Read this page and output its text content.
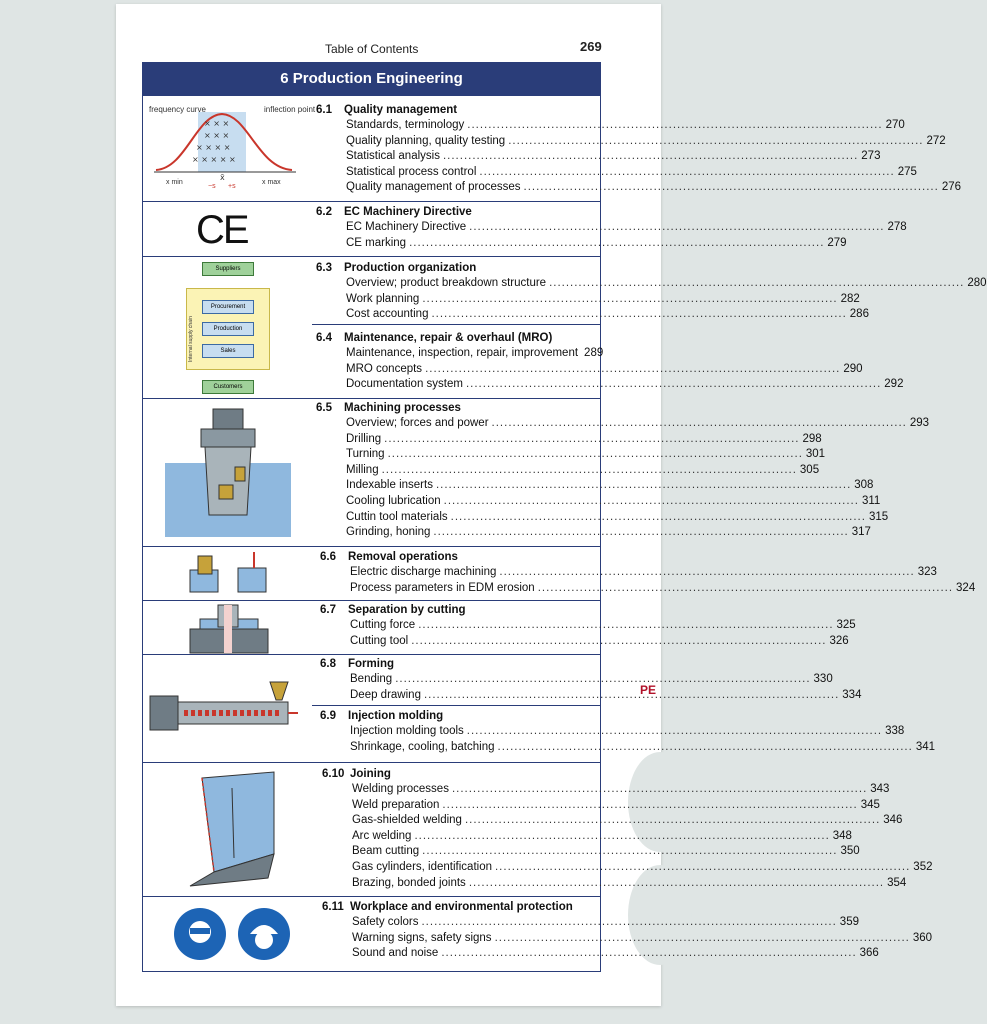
Table of Contents	269
6 Production Engineering
PE
× × ×
× × ×
× × × ×
× × × × ×
frequency curve	inflection point
x min	x max
−s +s
x̄
CE
Suppliers
Internal supply chain
Procurement
Production
Sales
Customers
6.1	Quality management
Standards, terminology .....	270
Quality planning, quality testing .....	272
Statistical analysis .....	273
Statistical process control .....	275
Quality management of processes .....	276
6.2	EC Machinery Directive
EC Machinery Directive .....	278
CE marking .....	279
6.3	Production organization
Overview; product breakdown structure .....	280
Work planning .....	282
Cost accounting .....	286
6.4	Maintenance, repair & overhaul (MRO)
Maintenance, inspection, repair, improvement 289
MRO concepts .....	290
Documentation system .....	292
6.5	Machining processes
Overview; forces and power .....	293
Drilling .....	298
Turning .....	301
Milling .....	305
Indexable inserts .....	308
Cooling lubrication .....	311
Cuttin tool materials .....	315
Grinding, honing .....	317
6.6	Removal operations
Electric discharge machining .....	323
Process parameters in EDM erosion .....	324
6.7	Separation by cutting
Cutting force .....	325
Cutting tool .....	326
6.8	Forming
Bending .....	330
Deep drawing .....	334
6.9	Injection molding
Injection molding tools .....	338
Shrinkage, cooling, batching .....	341
6.10 Joining
Welding processes .....	343
Weld preparation .....	345
Gas-shielded welding .....	346
Arc welding .....	348
Beam cutting .....	350
Gas cylinders, identification .....	352
Brazing, bonded joints .....	354
6.11 Workplace and environmental protection
Safety colors .....	359
Warning signs, safety signs .....	360
Sound and noise .....	366
